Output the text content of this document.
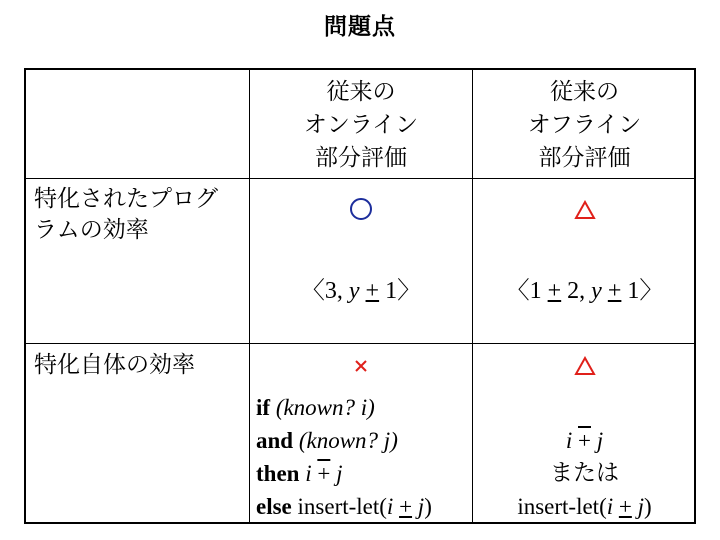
問題点
従来の
オンライン
部分評価
従来の
オフライン
部分評価
特化されたプログ
ラムの効率
〈3, y + 1〉	〈1 + 2, y + 1〉
特化自体の効率
if (known? i)
and (known? j)
then i + j
else insert-let(i + j)
i + j
または
insert-let(i + j)
